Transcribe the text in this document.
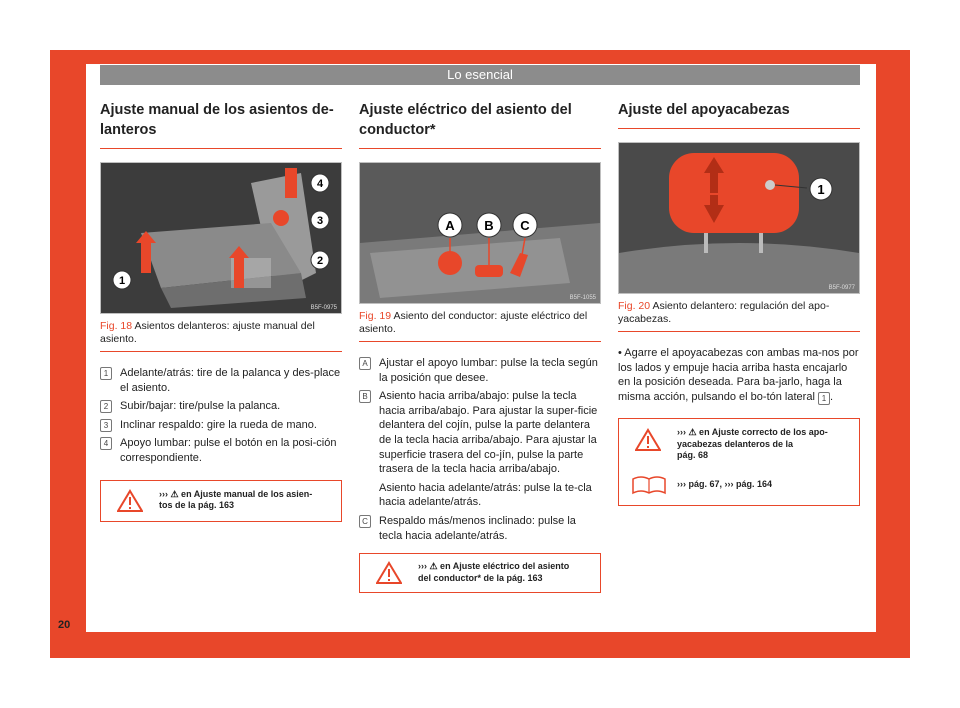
Lo esencial
20
Ajuste manual de los asientos de-
lanteros
1
2
3
4
B5F-0975
Fig. 18 Asientos delanteros: ajuste manual del asiento.
1	Adelante/atrás: tire de la palanca y des-place el asiento.
2	Subir/bajar: tire/pulse la palanca.
3	Inclinar respaldo: gire la rueda de mano.
4	Apoyo lumbar: pulse el botón en la posi-ción correspondiente.
››› ⚠ en Ajuste manual de los asien-
tos de la pág. 163
Ajuste eléctrico del asiento del
conductor*
A B C
B5F-1055
Fig. 19 Asiento del conductor: ajuste eléctrico del asiento.
A	Ajustar el apoyo lumbar: pulse la tecla según la posición que desee.
B	Asiento hacia arriba/abajo: pulse la tecla hacia arriba/abajo. Para ajustar la super-ficie delantera del cojín, pulse la parte delantera de la tecla hacia arriba/abajo. Para ajustar la superficie trasera del co-jín, pulse la parte trasera de la tecla hacia arriba/abajo.
Asiento hacia adelante/atrás: pulse la te-cla hacia adelante/atrás.
C Respaldo más/menos inclinado: pulse la tecla hacia adelante/atrás.
››› ⚠ en Ajuste eléctrico del asiento
del conductor* de la pág. 163
Ajuste del apoyacabezas
1
B5F-0977
Fig. 20 Asiento delantero: regulación del apo-yacabezas.
• Agarre el apoyacabezas con ambas ma-nos por los lados y empuje hacia arriba hasta encajarlo en la posición deseada. Para ba-jarlo, haga la misma acción, pulsando el bo-tón lateral 1 .
››› ⚠ en Ajuste correcto de los apo-
yacabezas delanteros de la
pág. 68
››› pág. 67, ››› pág. 164
